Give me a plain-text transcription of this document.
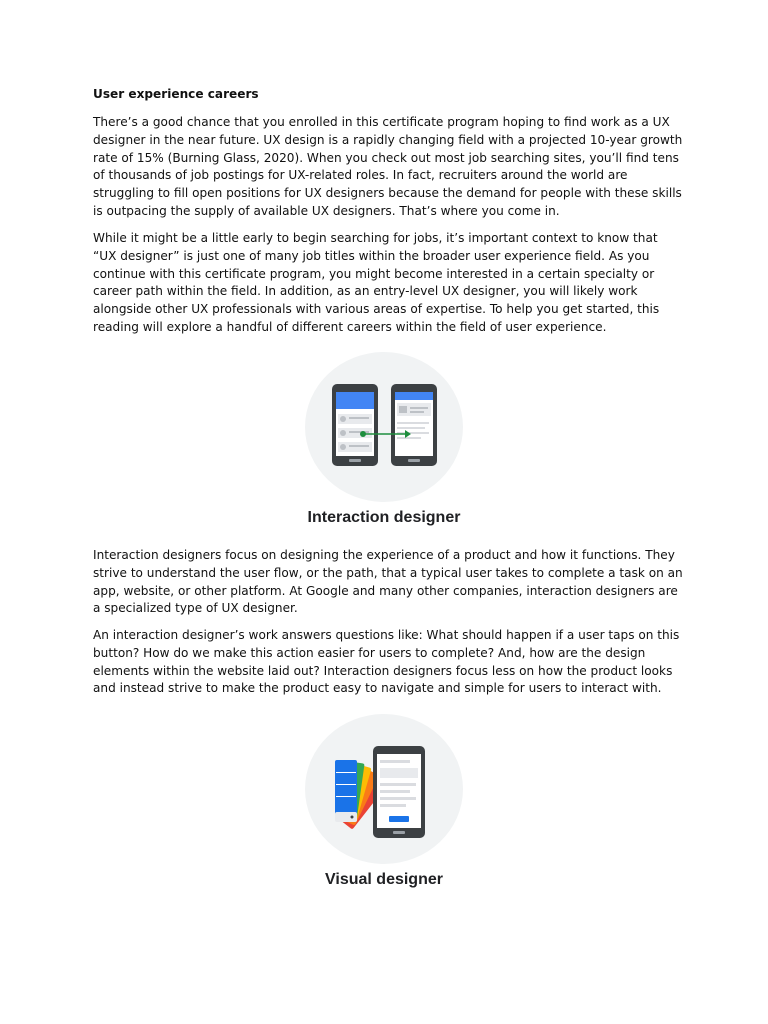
User experience careers
There’s a good chance that you enrolled in this certificate program hoping to find work as a UX designer in the near future. UX design is a rapidly changing field with a projected 10-year growth rate of 15% (Burning Glass, 2020). When you check out most job searching sites, you’ll find tens of thousands of job postings for UX-related roles. In fact, recruiters around the world are struggling to fill open positions for UX designers because the demand for people with these skills is outpacing the supply of available UX designers. That’s where you come in.
While it might be a little early to begin searching for jobs, it’s important context to know that “UX designer” is just one of many job titles within the broader user experience field. As you continue with this certificate program, you might become interested in a certain specialty or career path within the field. In addition, as an entry-level UX designer, you will likely work alongside other UX professionals with various areas of expertise. To help you get started, this reading will explore a handful of different careers within the field of user experience.
Interaction designer
Interaction designers focus on designing the experience of a product and how it functions. They strive to understand the user flow, or the path, that a typical user takes to complete a task on an app, website, or other platform. At Google and many other companies, interaction designers are a specialized type of UX designer.
An interaction designer’s work answers questions like: What should happen if a user taps on this button? How do we make this action easier for users to complete? And, how are the design elements within the website laid out? Interaction designers focus less on how the product looks and instead strive to make the product easy to navigate and simple for users to interact with.
Visual designer
